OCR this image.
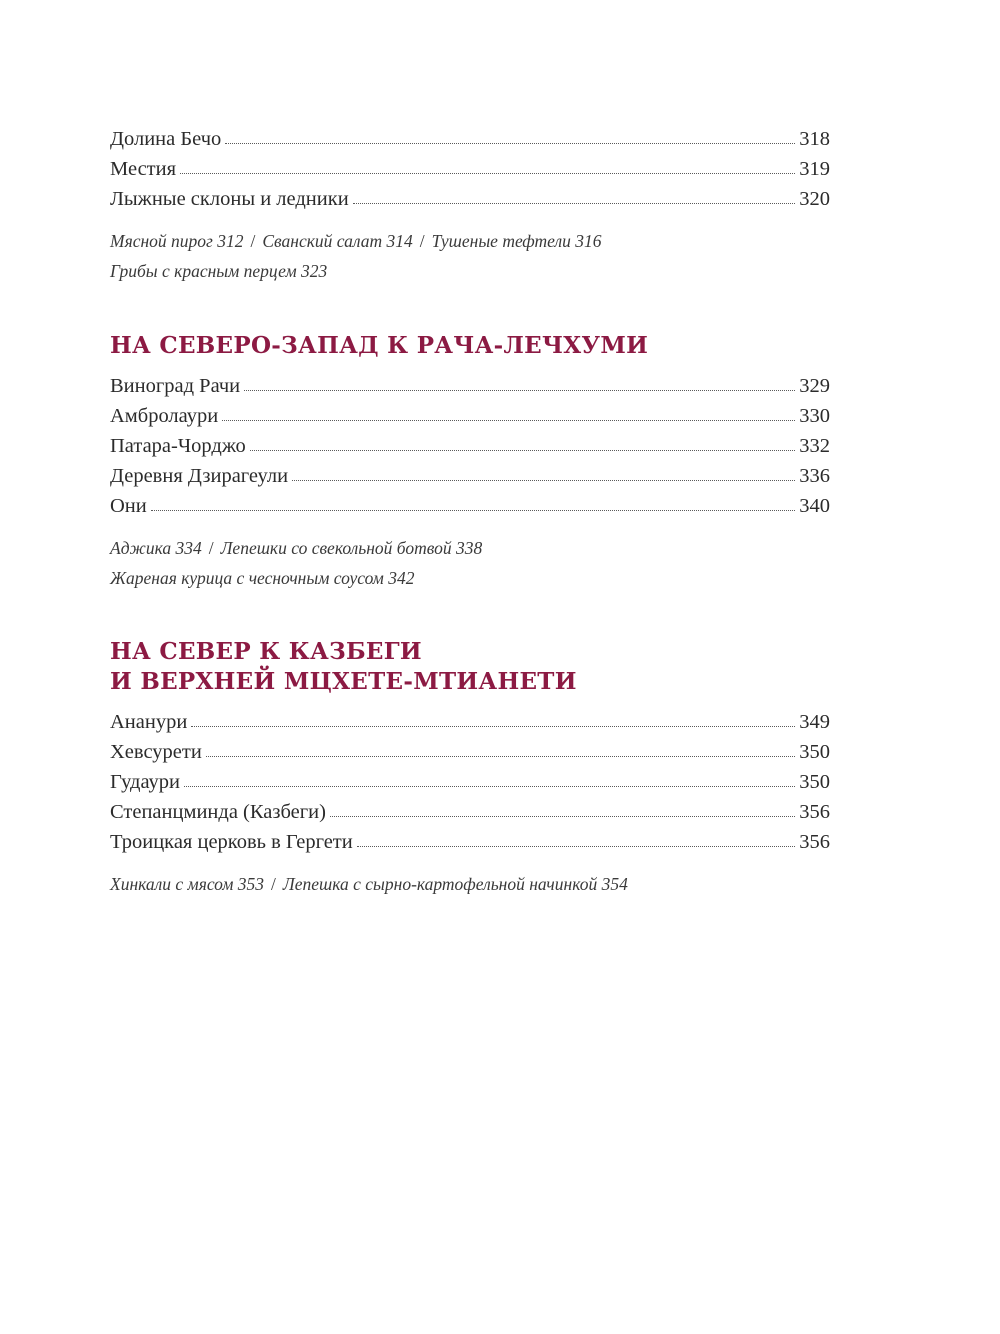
Долина Бечо	318
Местия	319
Лыжные склоны и ледники	320
Мясной пирог 312 / Сванский салат 314 / Тушеные тефтели 316
Грибы с красным перцем 323
НА СЕВЕРО-ЗАПАД К РАЧА-ЛЕЧХУМИ
Виноград Рачи	329
Амбролаури	330
Патара-Чорджо	332
Деревня Дзирагеули	336
Они	340
Аджика 334 / Лепешки со свекольной ботвой 338
Жареная курица с чесночным соусом 342
НА СЕВЕР К КАЗБЕГИ
И ВЕРХНЕЙ МЦХЕТЕ-МТИАНЕТИ
Ананури	349
Хевсурети	350
Гудаури	350
Степанцминда (Казбеги)	356
Троицкая церковь в Гергети	356
Хинкали с мясом 353 / Лепешка с сырно-картофельной начинкой 354
